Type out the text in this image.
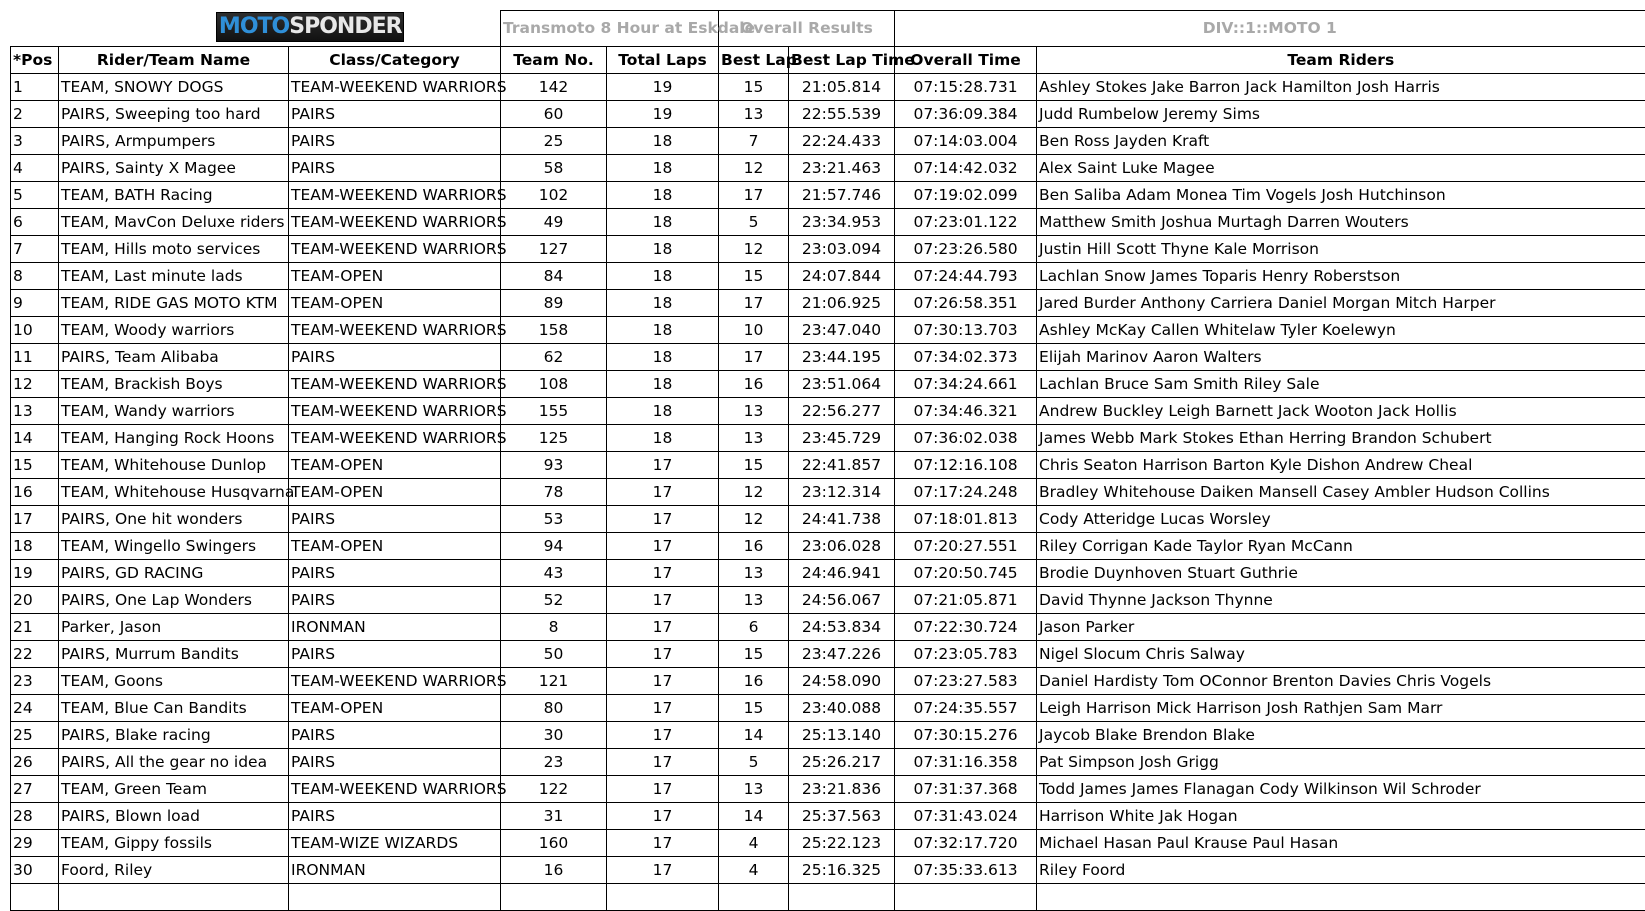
MOTOSPONDER			Transmoto 8 Hour at Eskdale		Overall Results		DIV::1::MOTO 1	
*Pos	Rider/Team Name	Class/Category	Team No.	Total Laps	Best Lap	Best Lap Time	Overall Time	Team Riders
1	TEAM, SNOWY DOGS	TEAM-WEEKEND WARRIORS	142	19	15	21:05.814	07:15:28.731	Ashley Stokes Jake Barron Jack Hamilton Josh Harris
2	PAIRS, Sweeping too hard	PAIRS	60	19	13	22:55.539	07:36:09.384	Judd Rumbelow Jeremy Sims
3	PAIRS, Armpumpers	PAIRS	25	18	7	22:24.433	07:14:03.004	Ben Ross Jayden Kraft
4	PAIRS, Sainty X Magee	PAIRS	58	18	12	23:21.463	07:14:42.032	Alex Saint Luke Magee
5	TEAM, BATH Racing	TEAM-WEEKEND WARRIORS	102	18	17	21:57.746	07:19:02.099	Ben Saliba Adam Monea Tim Vogels Josh Hutchinson
6	TEAM, MavCon Deluxe riders	TEAM-WEEKEND WARRIORS	49	18	5	23:34.953	07:23:01.122	Matthew Smith Joshua Murtagh Darren Wouters
7	TEAM, Hills moto services	TEAM-WEEKEND WARRIORS	127	18	12	23:03.094	07:23:26.580	Justin Hill Scott Thyne Kale Morrison
8	TEAM, Last minute lads	TEAM-OPEN	84	18	15	24:07.844	07:24:44.793	Lachlan Snow James Toparis Henry Roberstson
9	TEAM, RIDE GAS MOTO KTM	TEAM-OPEN	89	18	17	21:06.925	07:26:58.351	Jared Burder Anthony Carriera Daniel Morgan Mitch Harper
10	TEAM, Woody warriors	TEAM-WEEKEND WARRIORS	158	18	10	23:47.040	07:30:13.703	Ashley McKay Callen Whitelaw Tyler Koelewyn
11	PAIRS, Team Alibaba	PAIRS	62	18	17	23:44.195	07:34:02.373	Elijah Marinov Aaron Walters
12	TEAM, Brackish Boys	TEAM-WEEKEND WARRIORS	108	18	16	23:51.064	07:34:24.661	Lachlan Bruce Sam Smith Riley Sale
13	TEAM, Wandy warriors	TEAM-WEEKEND WARRIORS	155	18	13	22:56.277	07:34:46.321	Andrew Buckley Leigh Barnett Jack Wooton Jack Hollis
14	TEAM, Hanging Rock Hoons	TEAM-WEEKEND WARRIORS	125	18	13	23:45.729	07:36:02.038	James Webb Mark Stokes Ethan Herring Brandon Schubert
15	TEAM, Whitehouse Dunlop	TEAM-OPEN	93	17	15	22:41.857	07:12:16.108	Chris Seaton Harrison Barton Kyle Dishon Andrew Cheal
16	TEAM, Whitehouse Husqvarna	TEAM-OPEN	78	17	12	23:12.314	07:17:24.248	Bradley Whitehouse Daiken Mansell Casey Ambler Hudson Collins
17	PAIRS, One hit wonders	PAIRS	53	17	12	24:41.738	07:18:01.813	Cody Atteridge Lucas Worsley
18	TEAM, Wingello Swingers	TEAM-OPEN	94	17	16	23:06.028	07:20:27.551	Riley Corrigan Kade Taylor Ryan McCann
19	PAIRS, GD RACING	PAIRS	43	17	13	24:46.941	07:20:50.745	Brodie Duynhoven Stuart Guthrie
20	PAIRS, One Lap Wonders	PAIRS	52	17	13	24:56.067	07:21:05.871	David Thynne Jackson Thynne
21	Parker, Jason	IRONMAN	8	17	6	24:53.834	07:22:30.724	Jason Parker
22	PAIRS, Murrum Bandits	PAIRS	50	17	15	23:47.226	07:23:05.783	Nigel Slocum Chris Salway
23	TEAM, Goons	TEAM-WEEKEND WARRIORS	121	17	16	24:58.090	07:23:27.583	Daniel Hardisty Tom OConnor Brenton Davies Chris Vogels
24	TEAM, Blue Can Bandits	TEAM-OPEN	80	17	15	23:40.088	07:24:35.557	Leigh Harrison Mick Harrison Josh Rathjen Sam Marr
25	PAIRS, Blake racing	PAIRS	30	17	14	25:13.140	07:30:15.276	Jaycob Blake Brendon Blake
26	PAIRS, All the gear no idea	PAIRS	23	17	5	25:26.217	07:31:16.358	Pat Simpson Josh Grigg
27	TEAM, Green Team	TEAM-WEEKEND WARRIORS	122	17	13	23:21.836	07:31:37.368	Todd James James Flanagan Cody Wilkinson Wil Schroder
28	PAIRS, Blown load	PAIRS	31	17	14	25:37.563	07:31:43.024	Harrison White Jak Hogan
29	TEAM, Gippy fossils	TEAM-WIZE WIZARDS	160	17	4	25:22.123	07:32:17.720	Michael Hasan Paul Krause Paul Hasan
30	Foord, Riley	IRONMAN	16	17	4	25:16.325	07:35:33.613	Riley Foord
